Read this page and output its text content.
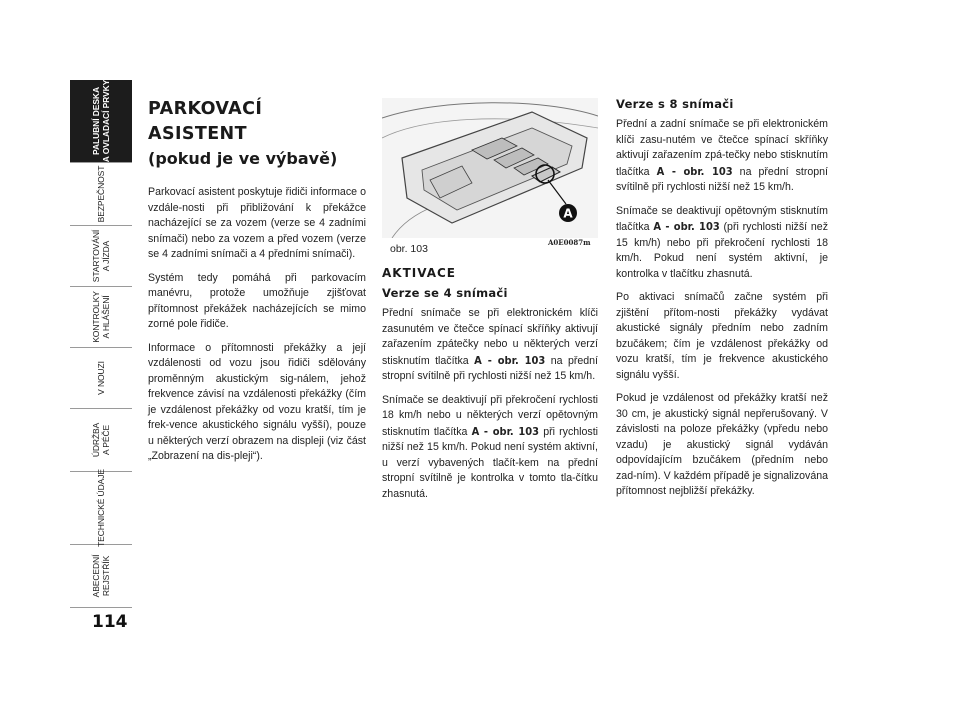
PALUBNÍ DESKA
A OVLADACÍ PRVKY
BEZPEČNOST
STARTOVÁNÍ
A JÍZDA
KONTROLKY
A HLÁŠENÍ
V NOUZI
ÚDRŽBA
A PÉČE
TECHNICKÉ ÚDAJE
ABECEDNÍ
REJSTŘÍK
114
PARKOVACÍ ASISTENT
(pokud je ve výbavě)

Parkovací asistent poskytuje řidiči informace o vzdále-nosti při přibližování k překážce nacházející se za vozem (verze se 4 zadními snímači) nebo za vozem a před vozem (verze se 4 zadními snímači a 4 předními snímači).

Systém tedy pomáhá při parkovacím manévru, protože umožňuje zjišťovat přítomnost překážek nacházejících se mimo zorné pole řidiče.

Informace o přítomnosti překážky a její vzdálenosti od vozu jsou řidiči sdělovány proměnným akustickým sig-nálem, jehož frekvence závisí na vzdálenosti překážky (čím je vzdálenost překážky od vozu kratší, tím je frek-vence akustického signálu vyšší), pouze u některých verzí obrazem na displeji (viz část „Zobrazení na dis-pleji“).

A
obr. 103
A0E0087m
AKTIVACE
Verze se 4 snímači

Přední snímače se při elektronickém klíči zasunutém ve čtečce spínací skříňky aktivují zařazením zpátečky nebo u některých verzí stisknutím tlačítka A - obr. 103 na přední stropní svítilně při rychlosti nižší než 15 km/h.

Snímače se deaktivují při překročení rychlosti 18 km/h nebo u některých verzí opětovným stisknutím tlačítka A - obr. 103 při rychlosti nižší než 15 km/h. Pokud není systém aktivní, u verzí vybavených tlačít-kem na přední stropní svítilně je kontrolka v tomto tla-čítku zhasnutá.

Verze s 8 snímači

Přední a zadní snímače se při elektronickém klíči zasu-nutém ve čtečce spínací skříňky aktivují zařazením zpá-tečky nebo stisknutím tlačítka A - obr. 103 na přední stropní svítilně při rychlosti nižší než 15 km/h.

Snímače se deaktivují opětovným stisknutím tlačítka A - obr. 103 (při rychlosti nižší než 15 km/h) nebo při překročení rychlosti 18 km/h. Pokud není systém aktivní, je kontrolka v tlačítku zhasnutá.

Po aktivaci snímačů začne systém při zjištění přítom-nosti překážky vydávat akustické signály předním nebo zadním bzučákem; čím je vzdálenost překážky od vozu kratší, tím je frekvence akustického signálu vyšší.

Pokud je vzdálenost od překážky kratší než 30 cm, je akustický signál nepřerušovaný. V závislosti na poloze překážky (vpředu nebo vzadu) je akustický signál vydáván odpovídajícím bzučákem (předním nebo zad-ním). V každém případě je signalizována přítomnost nejbližší překážky.
